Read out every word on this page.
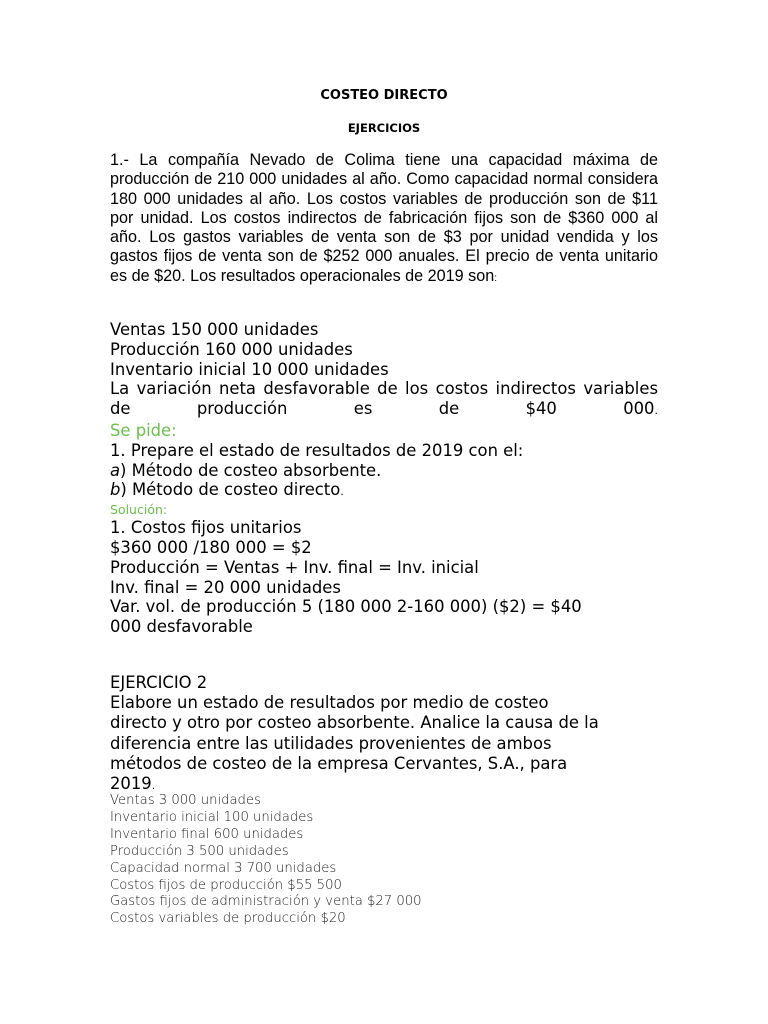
COSTEO DIRECTO
EJERCICIOS
1.- La compañía Nevado de Colima tiene una capacidad máxima de producción de 210 000 unidades al año. Como capacidad normal considera 180 000 unidades al año. Los costos variables de producción son de $11 por unidad. Los costos indirectos de fabricación fijos son de $360 000 al año. Los gastos variables de venta son de $3 por unidad vendida y los gastos fijos de venta son de $252 000 anuales. El precio de venta unitario es de $20. Los resultados operacionales de 2019 son:
Ventas 150 000 unidades
Producción 160 000 unidades
Inventario inicial 10 000 unidades
La variación neta desfavorable de los costos indirectos variables de producción es de $40 000.
Se pide:
1. Prepare el estado de resultados de 2019 con el:
a) Método de costeo absorbente.
b) Método de costeo directo.
Solución:
1. Costos fijos unitarios
$360 000 /180 000 = $2
Producción = Ventas + Inv. final = Inv. inicial
Inv. final = 20 000 unidades
Var. vol. de producción 5 (180 000 2-160 000) ($2) = $40
000 desfavorable
EJERCICIO 2
Elabore un estado de resultados por medio de costeo
directo y otro por costeo absorbente. Analice la causa de la
diferencia entre las utilidades provenientes de ambos
métodos de costeo de la empresa Cervantes, S.A., para
2019.
Ventas 3 000 unidades
Inventario inicial 100 unidades
Inventario final 600 unidades
Producción 3 500 unidades
Capacidad normal 3 700 unidades
Costos fijos de producción $55 500
Gastos fijos de administración y venta $27 000
Costos variables de producción $20
